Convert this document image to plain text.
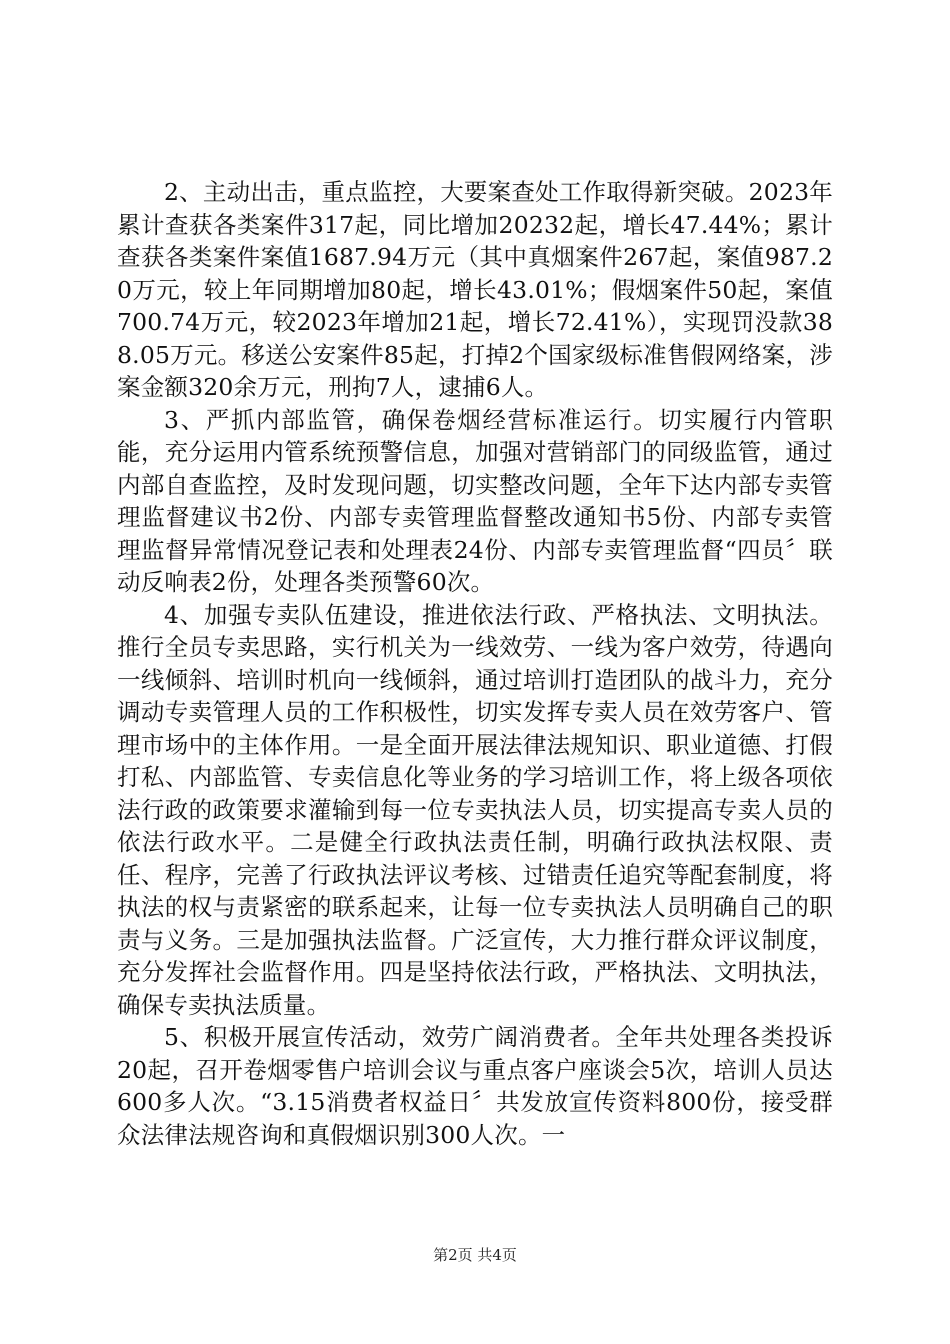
2、主动出击，重点监控，大要案查处工作取得新突破。2023年累计查获各类案件317起，同比增加20232起，增长47.44%；累计查获各类案件案值1687.94万元（其中真烟案件267起，案值987.20万元，较上年同期增加80起，增长43.01%；假烟案件50起，案值700.74万元，较2023年增加21起，增长72.41%），实现罚没款388.05万元。移送公安案件85起，打掉2个国家级标准售假网络案，涉案金额320余万元，刑拘7人，逮捕6人。

3、严抓内部监管，确保卷烟经营标准运行。切实履行内管职能，充分运用内管系统预警信息，加强对营销部门的同级监管，通过内部自查监控，及时发现问题，切实整改问题，全年下达内部专卖管理监督建议书2份、内部专卖管理监督整改通知书5份、内部专卖管理监督异常情况登记表和处理表24份、内部专卖管理监督“四员〞联动反响表2份，处理各类预警60次。

4、加强专卖队伍建设，推进依法行政、严格执法、文明执法。推行全员专卖思路，实行机关为一线效劳、一线为客户效劳，待遇向一线倾斜、培训时机向一线倾斜，通过培训打造团队的战斗力，充分调动专卖管理人员的工作积极性，切实发挥专卖人员在效劳客户、管理市场中的主体作用。一是全面开展法律法规知识、职业道德、打假打私、内部监管、专卖信息化等业务的学习培训工作，将上级各项依法行政的政策要求灌输到每一位专卖执法人员，切实提高专卖人员的依法行政水平。二是健全行政执法责任制，明确行政执法权限、责任、程序，完善了行政执法评议考核、过错责任追究等配套制度，将执法的权与责紧密的联系起来，让每一位专卖执法人员明确自己的职责与义务。三是加强执法监督。广泛宣传，大力推行群众评议制度，充分发挥社会监督作用。四是坚持依法行政，严格执法、文明执法，确保专卖执法质量。

5、积极开展宣传活动，效劳广阔消费者。全年共处理各类投诉20起，召开卷烟零售户培训会议与重点客户座谈会5次，培训人员达600多人次。“3.15消费者权益日〞共发放宣传资料800份，接受群众法律法规咨询和真假烟识别300人次。一

第2页 共4页
